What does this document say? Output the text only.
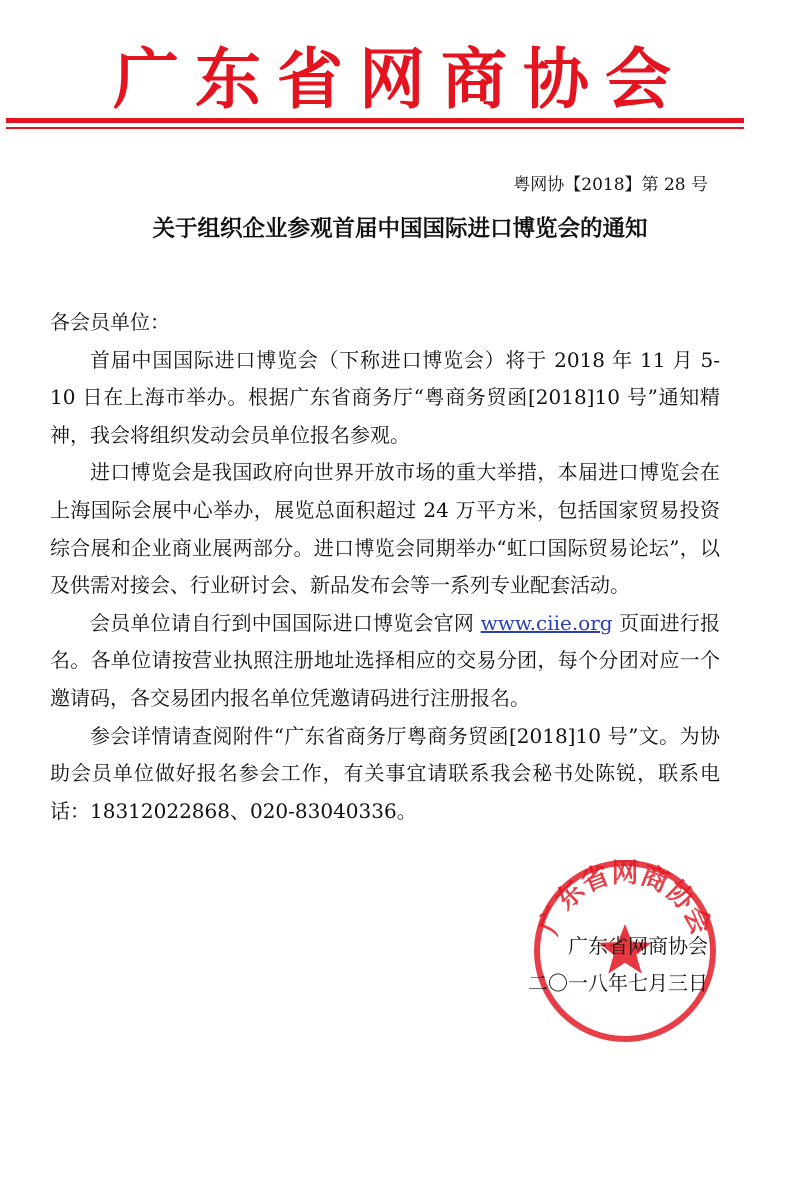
广东省网商协会
粤网协【2018】第 28 号
关于组织企业参观首届中国国际进口博览会的通知

各会员单位：

首届中国国际进口博览会（下称进口博览会）将于 2018 年 11 月 5-10 日在上海市举办。根据广东省商务厅“粤商务贸函[2018]10 号”通知精神，我会将组织发动会员单位报名参观。

进口博览会是我国政府向世界开放市场的重大举措，本届进口博览会在上海国际会展中心举办，展览总面积超过 24 万平方米，包括国家贸易投资综合展和企业商业展两部分。进口博览会同期举办“虹口国际贸易论坛”，以及供需对接会、行业研讨会、新品发布会等一系列专业配套活动。

会员单位请自行到中国国际进口博览会官网 www.ciie.org 页面进行报名。各单位请按营业执照注册地址选择相应的交易分团，每个分团对应一个邀请码，各交易团内报名单位凭邀请码进行注册报名。

参会详情请查阅附件“广东省商务厅粤商务贸函[2018]10 号”文。为协助会员单位做好报名参会工作，有关事宜请联系我会秘书处陈锐，联系电话：18312022868、020-83040336。

广东省网商协会
广东省网商协会
二〇一八年七月三日
